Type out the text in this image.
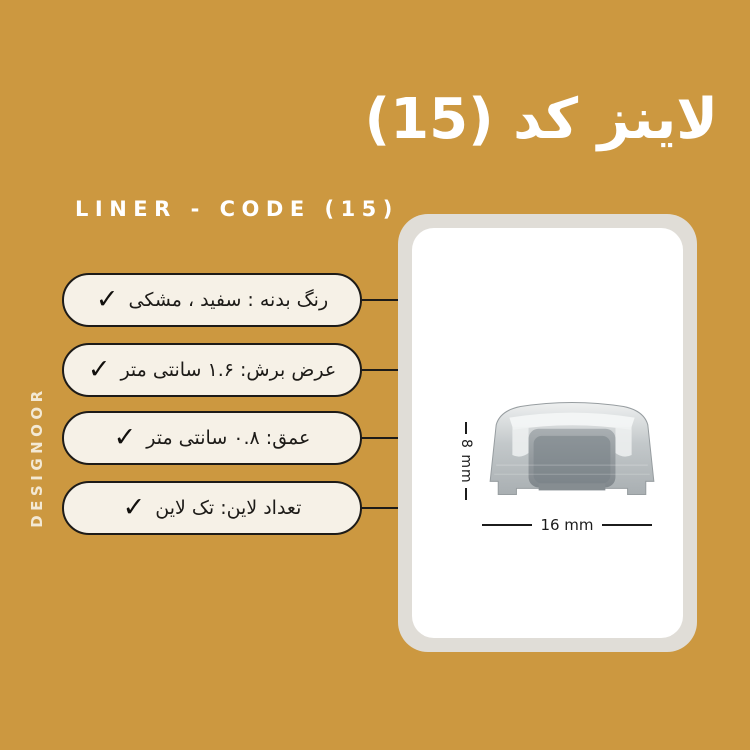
لاینز کد (15)
LINER - CODE (15)
DESIGNOOR
✓ رنگ بدنه : سفید ، مشکی
✓ عرض برش: ۱.۶ سانتی متر
✓ عمق: ۰.۸ سانتی متر
✓ تعداد لاین: تک لاین
8 mm
16 mm
